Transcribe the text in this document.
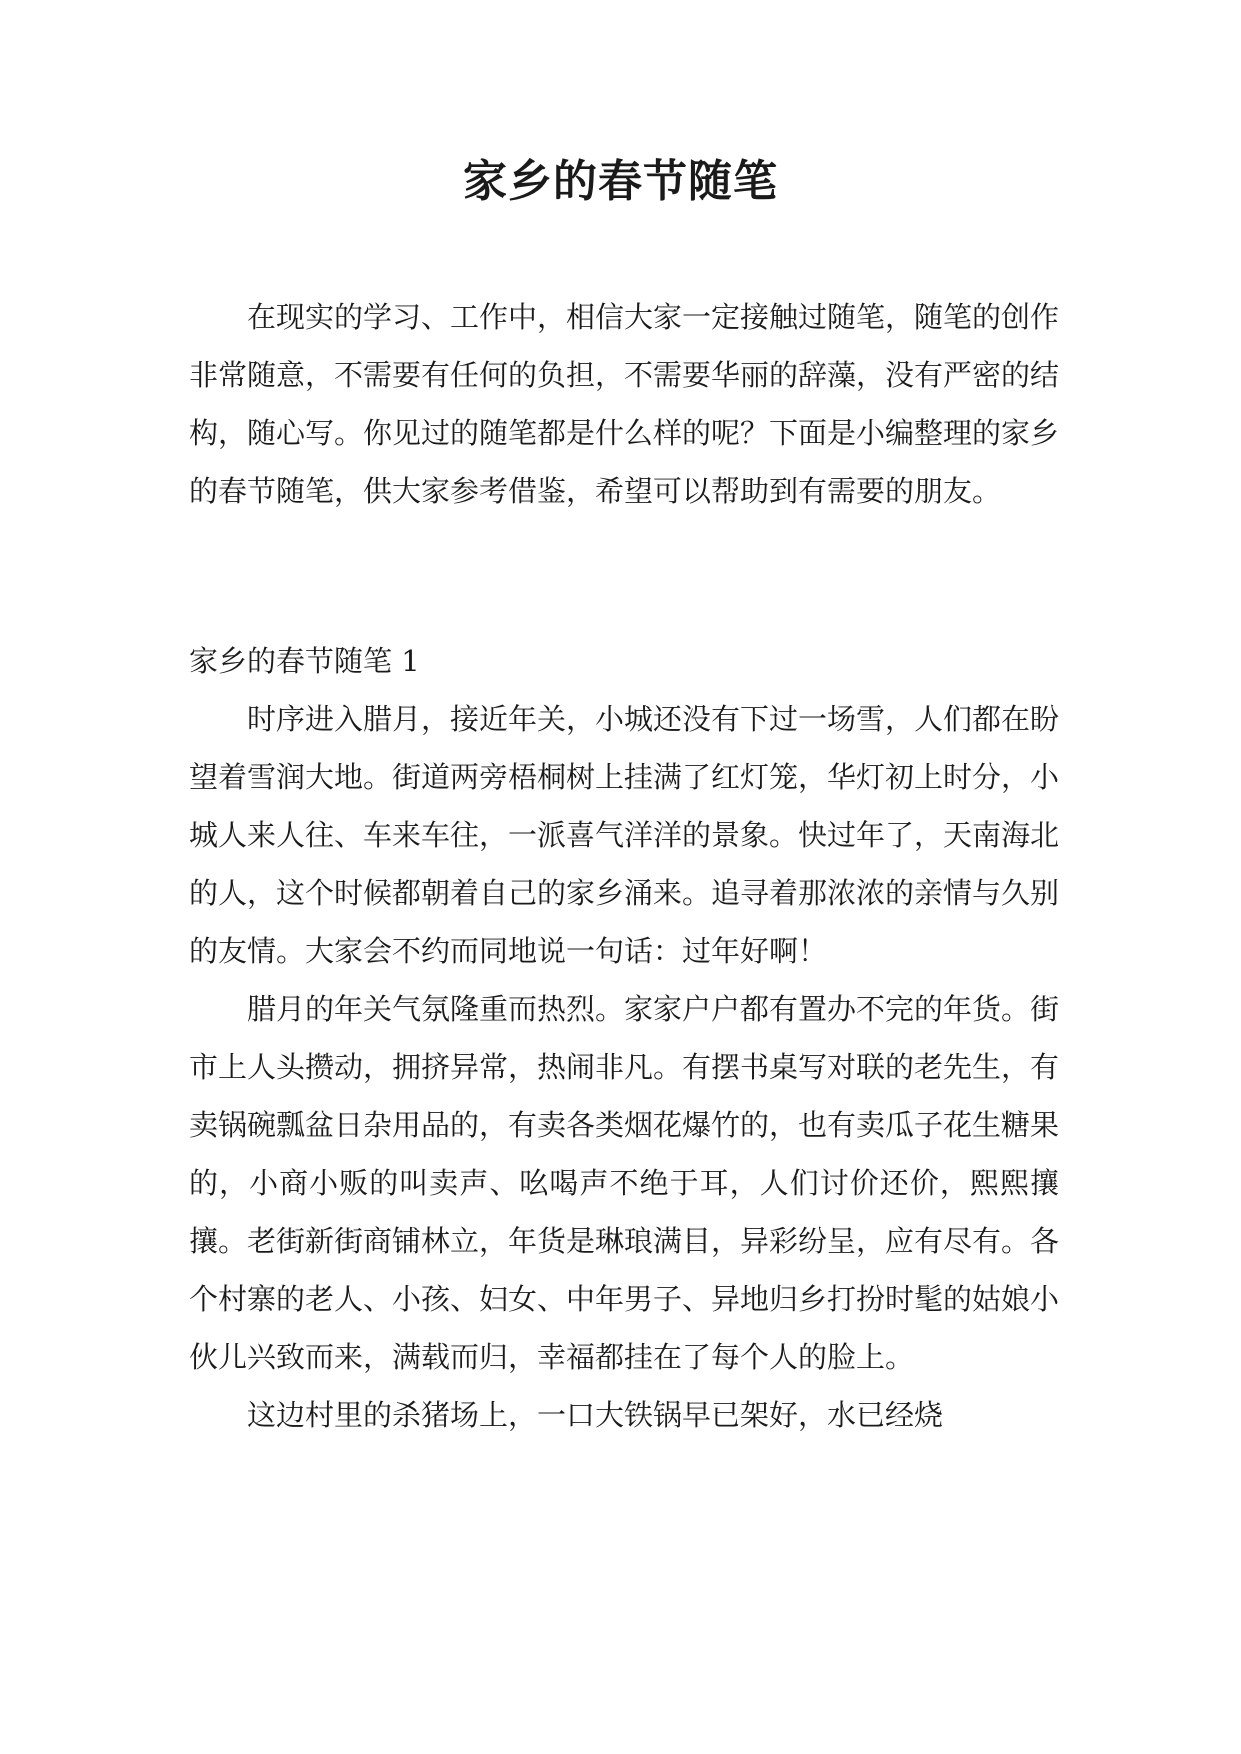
家乡的春节随笔

在现实的学习、工作中，相信大家一定接触过随笔，随笔的创作非常随意，不需要有任何的负担，不需要华丽的辞藻，没有严密的结构，随心写。你见过的随笔都是什么样的呢？下面是小编整理的家乡的春节随笔，供大家参考借鉴，希望可以帮助到有需要的朋友。

家乡的春节随笔 1

时序进入腊月，接近年关，小城还没有下过一场雪，人们都在盼望着雪润大地。街道两旁梧桐树上挂满了红灯笼，华灯初上时分，小城人来人往、车来车往，一派喜气洋洋的景象。快过年了，天南海北的人，这个时候都朝着自己的家乡涌来。追寻着那浓浓的亲情与久别的友情。大家会不约而同地说一句话：过年好啊！

腊月的年关气氛隆重而热烈。家家户户都有置办不完的年货。街市上人头攒动，拥挤异常，热闹非凡。有摆书桌写对联的老先生，有卖锅碗瓢盆日杂用品的，有卖各类烟花爆竹的，也有卖瓜子花生糖果的，小商小贩的叫卖声、吆喝声不绝于耳，人们讨价还价，熙熙攘攘。老街新街商铺林立，年货是琳琅满目，异彩纷呈，应有尽有。各个村寨的老人、小孩、妇女、中年男子、异地归乡打扮时髦的姑娘小伙儿兴致而来，满载而归，幸福都挂在了每个人的脸上。

这边村里的杀猪场上，一口大铁锅早已架好，水已经烧
